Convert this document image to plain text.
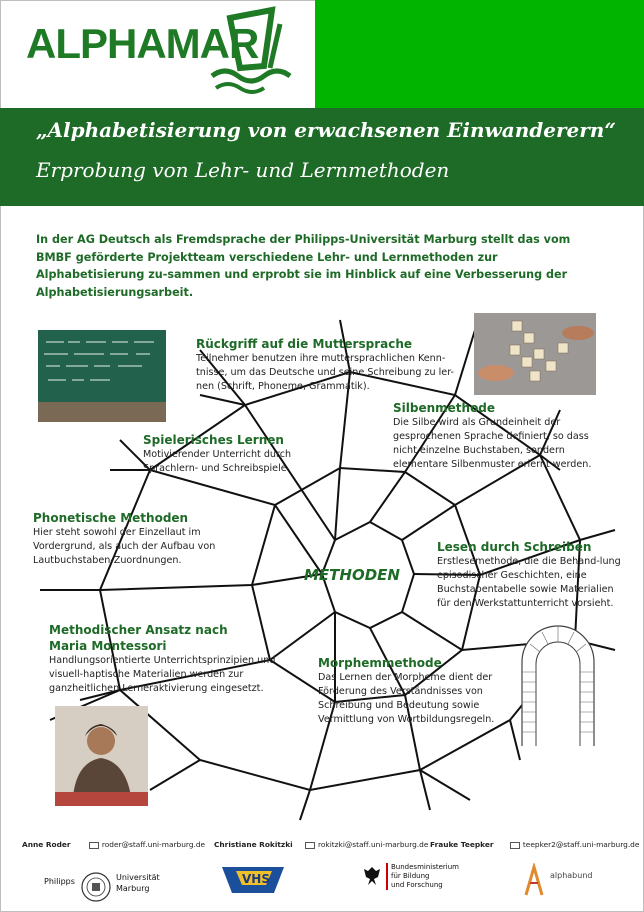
ALPHAMAR
„Alphabetisierung von erwachsenen Einwanderern“
Erprobung von Lehr- und Lernmethoden
In der AG Deutsch als Fremdsprache der Philipps-Universität Marburg stellt das vom BMBF geförderte Projektteam verschiedene Lehr- und Lernmethoden zur Alphabetisierung zu-sammen und erprobt sie im Hinblick auf eine Verbesserung der Alphabetisierungsarbeit.
Rückgriff auf die Muttersprache
Teilnehmer benutzen ihre muttersprachlichen Kenn-tnisse, um das Deutsche und seine Schreibung zu ler-nen (Schrift, Phoneme, Grammatik).
Silbenmethode
Die Silbe wird als Grundeinheit der gesprochenen Sprache definiert, so dass nicht einzelne Buchstaben, sondern elementare Silbenmuster erlernt werden.
Spielerisches Lernen
Motivierender Unterricht durch Sprachlern- und Schreibspiele.
Phonetische Methoden
Hier steht sowohl der Einzellaut im Vordergrund, als auch der Aufbau von Lautbuchstaben-Zuordnungen.
Lesen durch Schreiben
Erstlesemethode, die die Behand-lung episodischer Geschichten, eine Buchstabentabelle sowie Materialien für den Werkstattunterricht vorsieht.
Methodischer Ansatz nach Maria Montessori
Handlungsorientierte Unterrichtsprinzipien und visuell-haptische Materialien werden zur ganzheitlichen Lerneraktivierung eingesetzt.
Morphemmethode
Das Lernen der Morpheme dient der Förderung des Verständnisses von Schreibung und Bedeutung sowie Vermittlung von Wortbildungsregeln.
METHODEN
Anne Roder	roder@staff.uni-marburg.de Christiane Rokitzki	rokitzki@staff.uni-marburg.de Frauke Teepker	teepker2@staff.uni-marburg.de
Philipps	Universität
Marburg
VHS
Bundesministerium
für Bildung
und Forschung
alphabund
